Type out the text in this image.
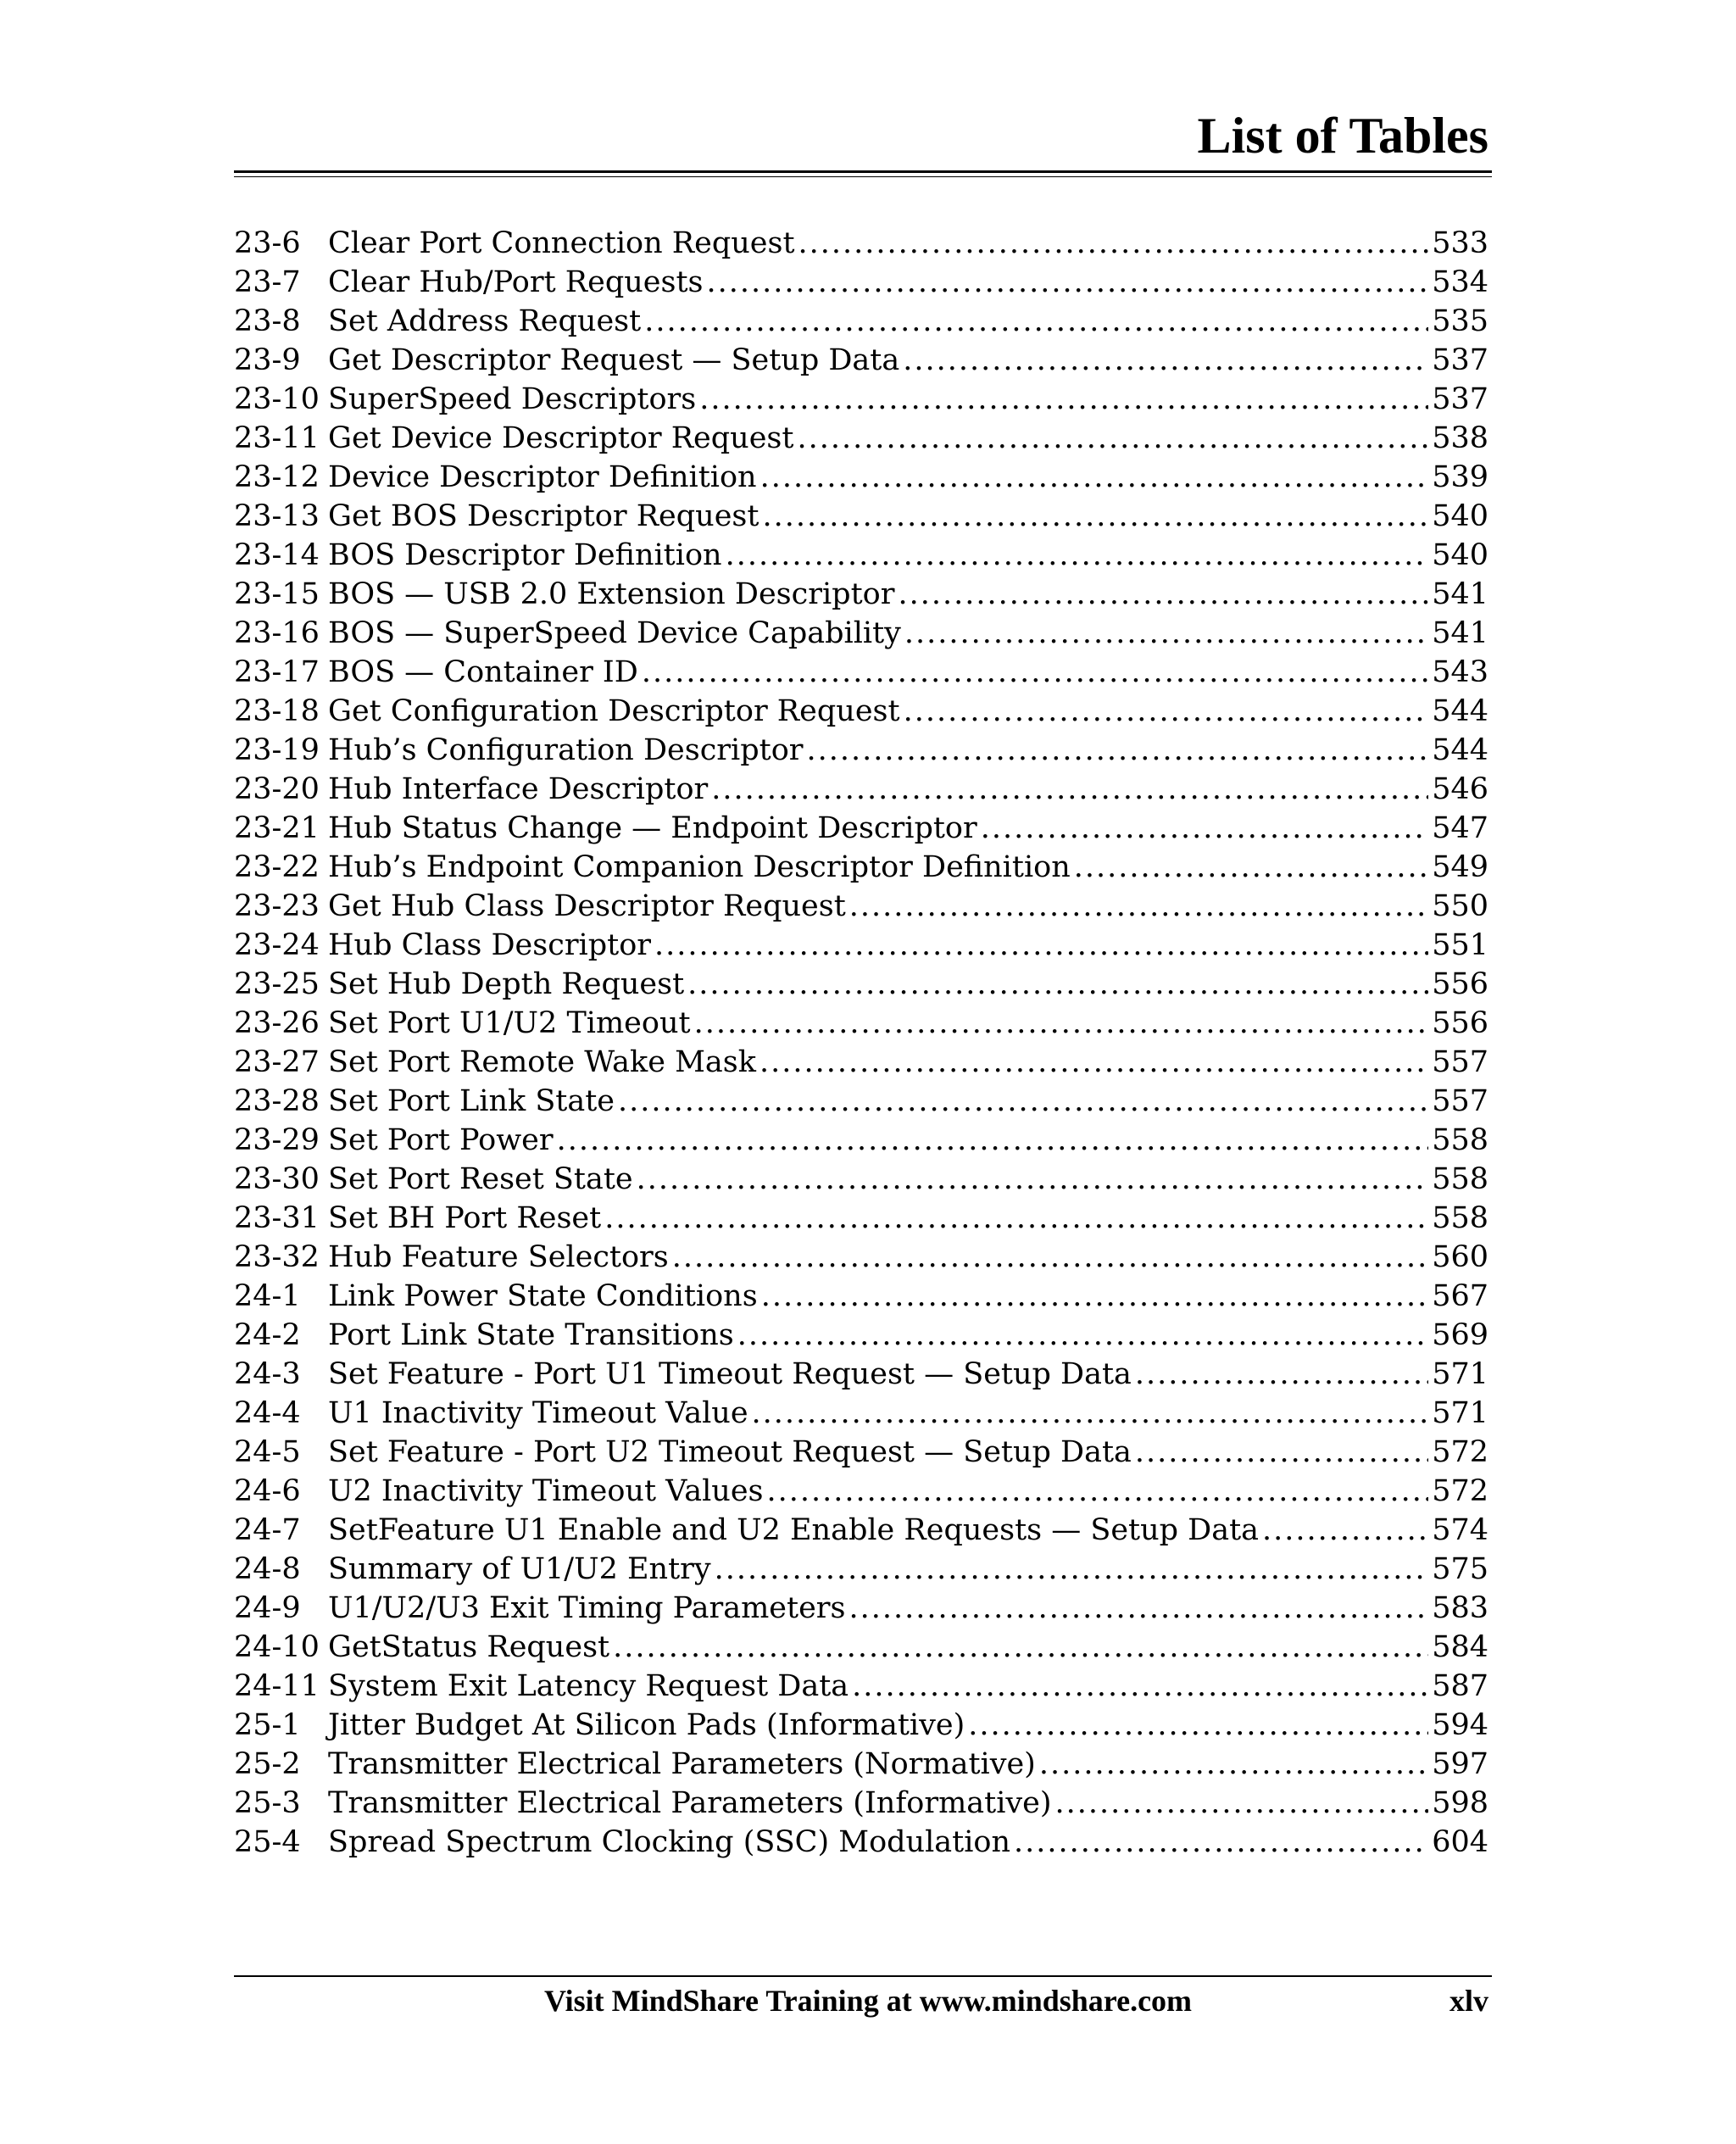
List of Tables
23-6 Clear Port Connection Request .....	533
23-7 Clear Hub/Port Requests .....	534
23-8 Set Address Request .....	535
23-9 Get Descriptor Request — Setup Data .....	537
23-10 SuperSpeed Descriptors .....	537
23-11 Get Device Descriptor Request .....	538
23-12 Device Descriptor Definition .....	539
23-13 Get BOS Descriptor Request .....	540
23-14 BOS Descriptor Definition .....	540
23-15 BOS — USB 2.0 Extension Descriptor .....	541
23-16 BOS — SuperSpeed Device Capability .....	541
23-17 BOS — Container ID .....	543
23-18 Get Configuration Descriptor Request .....	544
23-19 Hub’s Configuration Descriptor .....	544
23-20 Hub Interface Descriptor .....	546
23-21 Hub Status Change — Endpoint Descriptor .....	547
23-22 Hub’s Endpoint Companion Descriptor Definition .....	549
23-23 Get Hub Class Descriptor Request .....	550
23-24 Hub Class Descriptor .....	551
23-25 Set Hub Depth Request .....	556
23-26 Set Port U1/U2 Timeout .....	556
23-27 Set Port Remote Wake Mask .....	557
23-28 Set Port Link State .....	557
23-29 Set Port Power .....	558
23-30 Set Port Reset State .....	558
23-31 Set BH Port Reset .....	558
23-32 Hub Feature Selectors .....	560
24-1 Link Power State Conditions .....	567
24-2 Port Link State Transitions .....	569
24-3 Set Feature - Port U1 Timeout Request — Setup Data .....	571
24-4 U1 Inactivity Timeout Value .....	571
24-5 Set Feature - Port U2 Timeout Request — Setup Data .....	572
24-6 U2 Inactivity Timeout Values .....	572
24-7 SetFeature U1 Enable and U2 Enable Requests — Setup Data .....	574
24-8 Summary of U1/U2 Entry .....	575
24-9 U1/U2/U3 Exit Timing Parameters .....	583
24-10 GetStatus Request .....	584
24-11 System Exit Latency Request Data .....	587
25-1 Jitter Budget At Silicon Pads (Informative) .....	594
25-2 Transmitter Electrical Parameters (Normative) .....	597
25-3 Transmitter Electrical Parameters (Informative) .....	598
25-4 Spread Spectrum Clocking (SSC) Modulation .....	604
Visit MindShare Training at www.mindshare.com	xlv
